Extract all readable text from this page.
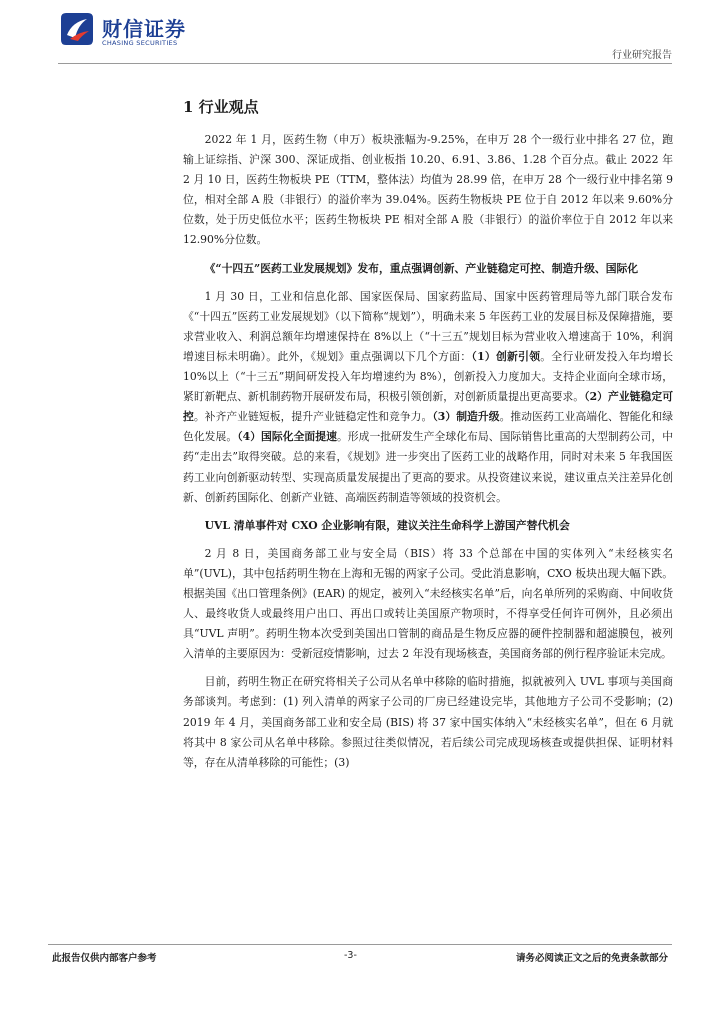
财信证券
CHASING SECURITIES
行业研究报告
1 行业观点

2022 年 1 月，医药生物（申万）板块涨幅为-9.25%，在申万 28 个一级行业中排名 27 位，跑输上证综指、沪深 300、深证成指、创业板指 10.20、6.91、3.86、1.28 个百分点。截止 2022 年 2 月 10 日，医药生物板块 PE（TTM，整体法）均值为 28.99 倍，在申万 28 个一级行业中排名第 9 位，相对全部 A 股（非银行）的溢价率为 39.04%。医药生物板块 PE 位于自 2012 年以来 9.60%分位数，处于历史低位水平；医药生物板块 PE 相对全部 A 股（非银行）的溢价率位于自 2012 年以来 12.90%分位数。

《“十四五”医药工业发展规划》发布，重点强调创新、产业链稳定可控、制造升级、国际化

1 月 30 日，工业和信息化部、国家医保局、国家药监局、国家中医药管理局等九部门联合发布《“十四五”医药工业发展规划》（以下简称“规划”），明确未来 5 年医药工业的发展目标及保障措施，要求营业收入、利润总额年均增速保持在 8%以上（“十三五”规划目标为营业收入增速高于 10%，利润增速目标未明确）。此外，《规划》重点强调以下几个方面：（1）创新引领。全行业研发投入年均增长 10%以上（“十三五”期间研发投入年均增速约为 8%），创新投入力度加大。支持企业面向全球市场，紧盯新靶点、新机制药物开展研发布局，积极引领创新，对创新质量提出更高要求。（2）产业链稳定可控。补齐产业链短板，提升产业链稳定性和竞争力。（3）制造升级。推动医药工业高端化、智能化和绿色化发展。（4）国际化全面提速。形成一批研发生产全球化布局、国际销售比重高的大型制药公司，中药“走出去”取得突破。总的来看，《规划》进一步突出了医药工业的战略作用，同时对未来 5 年我国医药工业向创新驱动转型、实现高质量发展提出了更高的要求。从投资建议来说，建议重点关注差异化创新、创新药国际化、创新产业链、高端医药制造等领域的投资机会。

UVL 清单事件对 CXO 企业影响有限，建议关注生命科学上游国产替代机会

2 月 8 日，美国商务部工业与安全局（BIS）将 33 个总部在中国的实体列入“未经核实名单”(UVL)，其中包括药明生物在上海和无锡的两家子公司。受此消息影响，CXO 板块出现大幅下跌。根据美国《出口管理条例》(EAR) 的规定，被列入“未经核实名单”后，向名单所列的采购商、中间收货人、最终收货人或最终用户出口、再出口或转让美国原产物项时，不得享受任何许可例外，且必须出具“UVL 声明”。药明生物本次受到美国出口管制的商品是生物反应器的硬件控制器和超滤膜包，被列入清单的主要原因为：受新冠疫情影响，过去 2 年没有现场核查，美国商务部的例行程序验证未完成。

目前，药明生物正在研究将相关子公司从名单中移除的临时措施，拟就被列入 UVL 事项与美国商务部谈判。考虑到：(1) 列入清单的两家子公司的厂房已经建设完毕，其他地方子公司不受影响；(2) 2019 年 4 月，美国商务部工业和安全局 (BIS) 将 37 家中国实体纳入“未经核实名单”，但在 6 月就将其中 8 家公司从名单中移除。参照过往类似情况，若后续公司完成现场核查或提供担保、证明材料等，存在从清单移除的可能性；(3)

此报告仅供内部客户参考	-3-	请务必阅读正文之后的免责条款部分
